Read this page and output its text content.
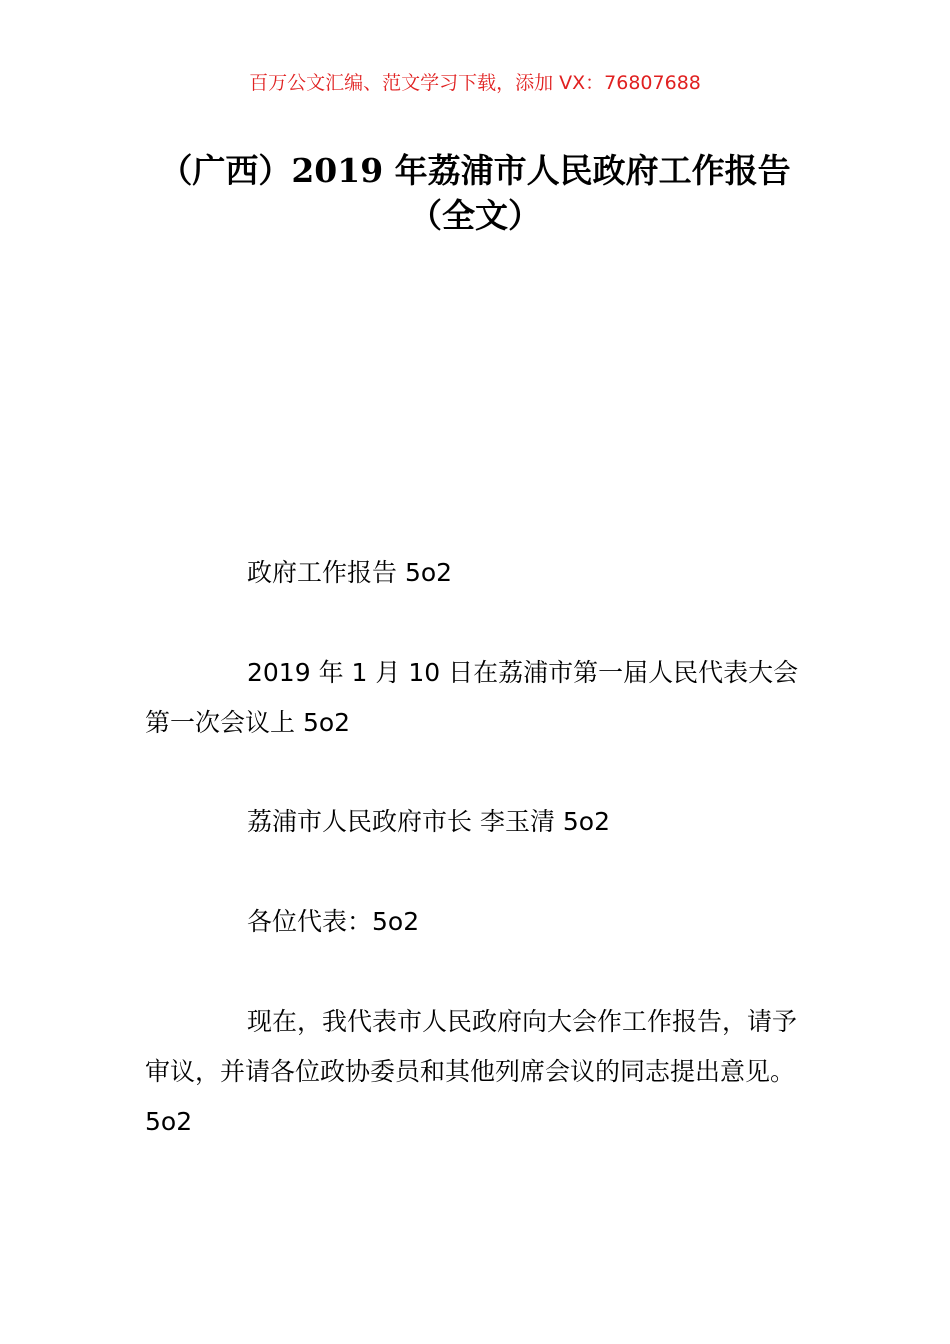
百万公文汇编、范文学习下载，添加 VX：76807688
（广西）2019 年荔浦市人民政府工作报告
（全文）

政府工作报告 5o2

2019 年 1 月 10 日在荔浦市第一届人民代表大会第一次会议上 5o2

荔浦市人民政府市长 李玉清 5o2

各位代表：5o2

现在，我代表市人民政府向大会作工作报告，请予审议，并请各位政协委员和其他列席会议的同志提出意见。5o2
